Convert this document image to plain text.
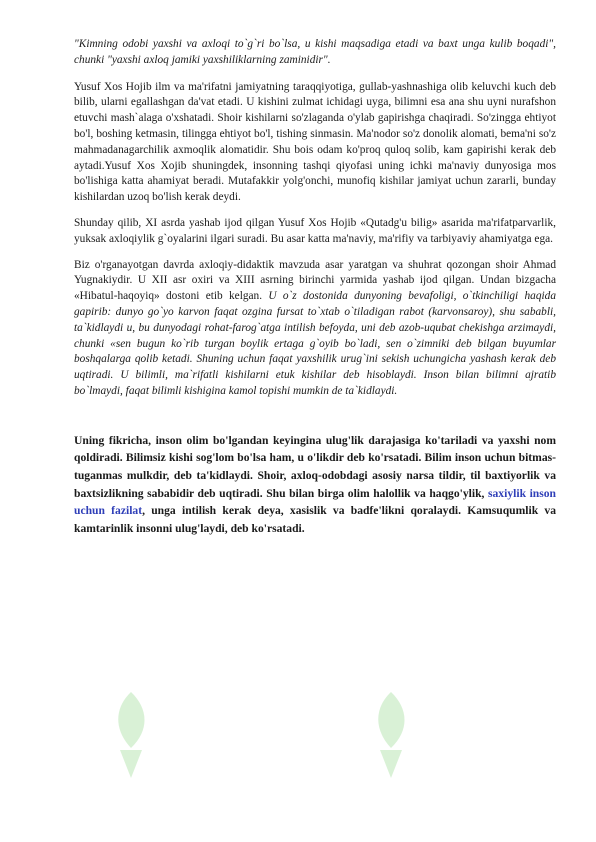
"Kimning odobi yaxshi va axloqi to`g`ri bo`lsa, u kishi maqsadiga etadi va baxt unga kulib boqadi", chunki "yaxshi axloq jamiki yaxshiliklarning zaminidir".

Yusuf Xos Hojib ilm va ma'rifatni jamiyatning taraqqiyotiga, gullab-yashnashiga olib keluvchi kuch deb bilib, ularni egallashgan da'vat etadi. U kishini zulmat ichidagi uyga, bilimni esa ana shu uyni nurafshon etuvchi mash`alaga o'xshatadi. Shoir kishilarni so'zlaganda o'ylab gapirishga chaqiradi. So'zingga ehtiyot bo'l, boshing ketmasin, tilingga ehtiyot bo'l, tishing sinmasin. Ma'nodor so'z donolik alomati, bema'ni so'z mahmadanagarchilik axmoqlik alomatidir. Shu bois odam ko'proq quloq solib, kam gapirishi kerak deb aytadi.Yusuf Xos Xojib shuningdek, insonning tashqi qiyofasi uning ichki ma'naviy dunyosiga mos bo'lishiga katta ahamiyat beradi. Mutafakkir yolg'onchi, munofiq kishilar jamiyat uchun zararli, bunday kishilardan uzoq bo'lish kerak deydi.

Shunday qilib, XI asrda yashab ijod qilgan Yusuf Xos Hojib «Qutadg'u bilig» asarida ma'rifatparvarlik, yuksak axloqiylik g`oyalarini ilgari suradi. Bu asar katta ma'naviy, ma'rifiy va tarbiyaviy ahamiyatga ega.

Biz o'rganayotgan davrda axloqiy-didaktik mavzuda asar yaratgan va shuhrat qozongan shoir Ahmad Yugnakiydir. U XII asr oxiri va XIII asrning birinchi yarmida yashab ijod qilgan. Undan bizgacha «Hibatul-haqoyiq» dostoni etib kelgan. U o`z dostonida dunyoning bevafoligi, o`tkinchiligi haqida gapirib: dunyo go`yo karvon faqat ozgina fursat to`xtab o`tiladigan rabot (karvonsaroy), shu sababli, ta`kidlaydi u, bu dunyodagi rohat-farog`atga intilish befoyda, uni deb azob-uqubat chekishga arzimaydi, chunki «sen bugun ko`rib turgan boylik ertaga g`oyib bo`ladi, sen o`zimniki deb bilgan buyumlar boshqalarga qolib ketadi. Shuning uchun faqat yaxshilik urug`ini sekish uchungicha yashash kerak deb uqtiradi. U bilimli, ma`rifatli kishilarni etuk kishilar deb hisoblaydi. Inson bilan bilimni ajratib bo`lmaydi, faqat bilimli kishigina kamol topishi mumkin de ta`kidlaydi.

Uning fikricha, inson olim bo'lgandan keyingina ulug'lik darajasiga ko'tariladi va yaxshi nom qoldiradi. Bilimsiz kishi sog'lom bo'lsa ham, u o'likdir deb ko'rsatadi. Bilim inson uchun bitmas-tuganmas mulkdir, deb ta'kidlaydi. Shoir, axloq-odobdagi asosiy narsa tildir, til baxtiyorlik va baxtsizlikning sababidir deb uqtiradi. Shu bilan birga olim halollik va haqgo'ylik, saxiylik inson uchun fazilat, unga intilish kerak deya, xasislik va badfe'likni qoralaydi. Kamsuqumlik va kamtarinlik insonni ulug'laydi, deb ko'rsatadi.
